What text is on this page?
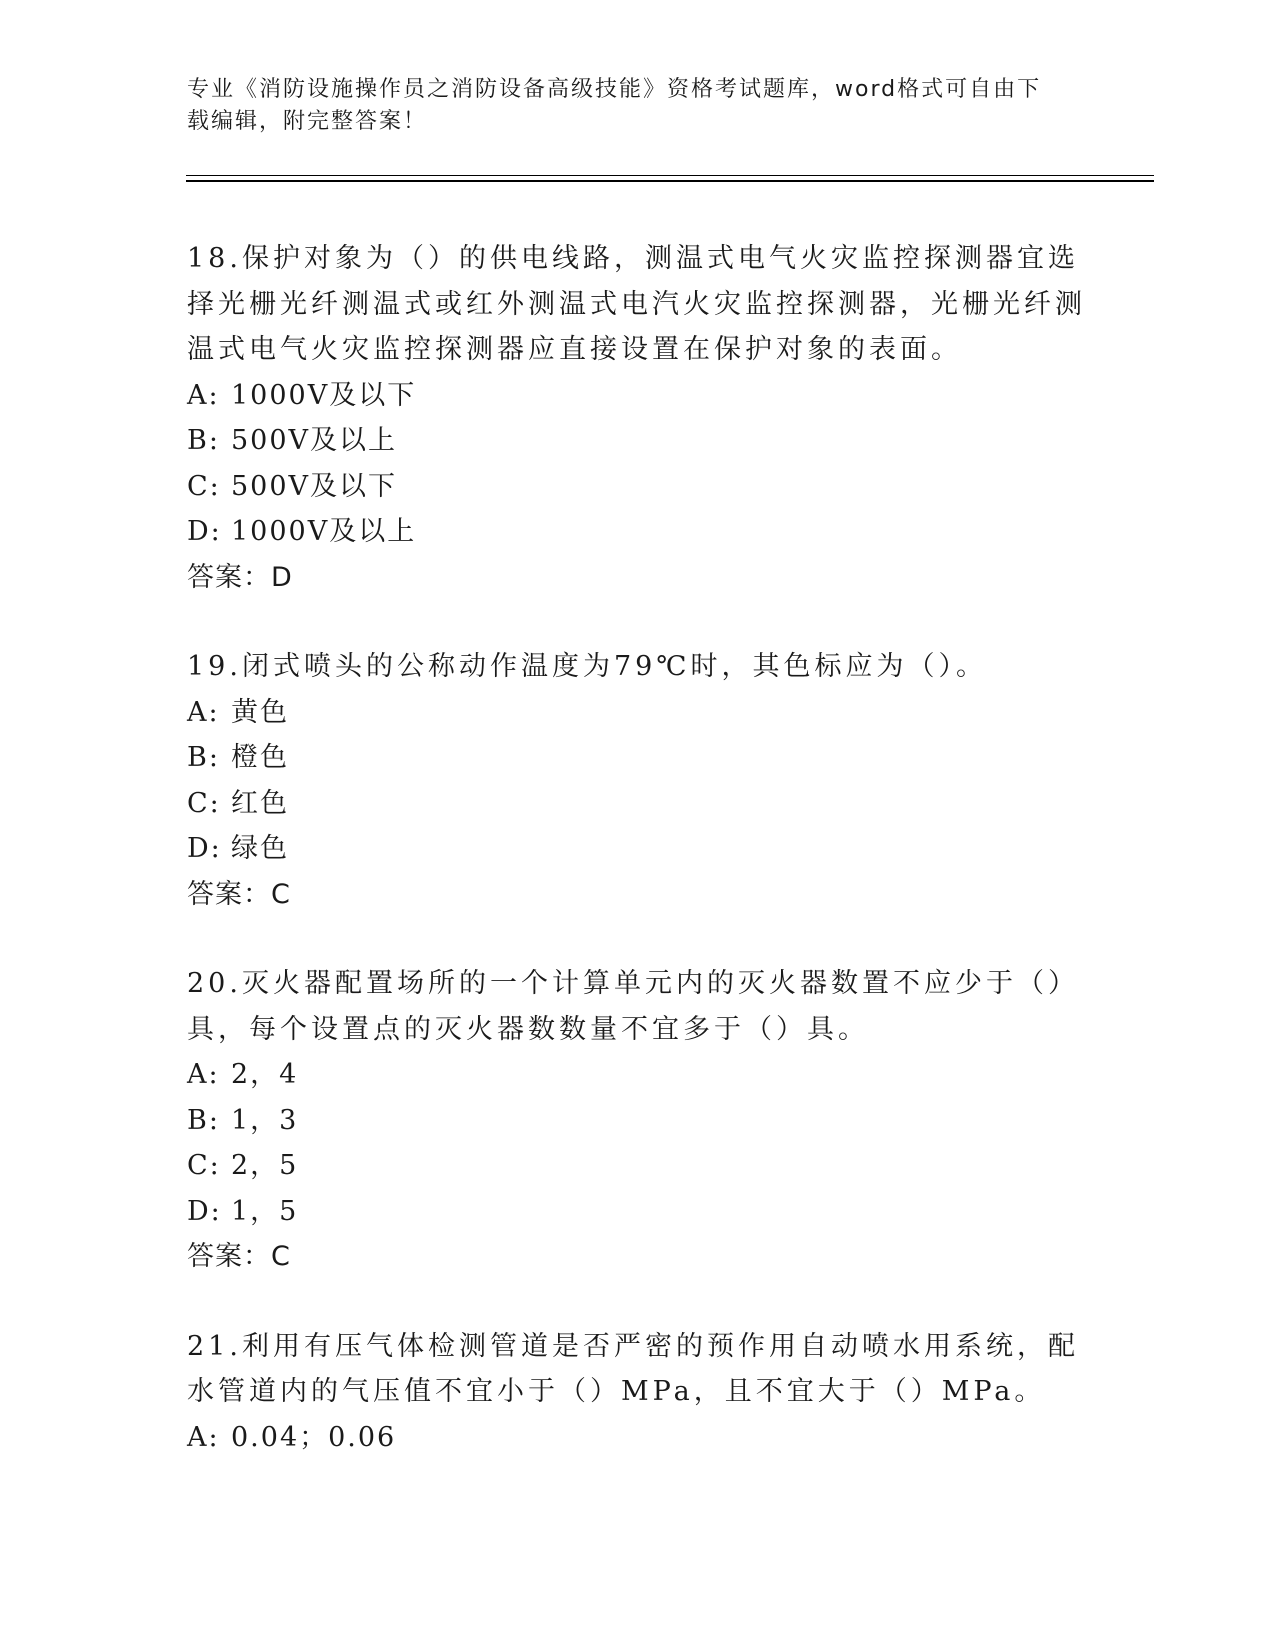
专业《消防设施操作员之消防设备高级技能》资格考试题库，word格式可自由下
载编辑，附完整答案！

18.保护对象为（）的供电线路，测温式电气火灾监控探测器宜选择光栅光纤测温式或红外测温式电汽火灾监控探测器，光栅光纤测温式电气火灾监控探测器应直接设置在保护对象的表面。

A: 1000V及以下

B: 500V及以上

C: 500V及以下

D: 1000V及以上

答案：D

19.闭式喷头的公称动作温度为79℃时，其色标应为（）。

A: 黄色

B: 橙色

C: 红色

D: 绿色

答案：C

20.灭火器配置场所的一个计算单元内的灭火器数置不应少于（）具，每个设置点的灭火器数数量不宜多于（）具。

A: 2，4

B: 1，3

C: 2，5

D: 1，5

答案：C

21.利用有压气体检测管道是否严密的预作用自动喷水用系统，配水管道内的气压值不宜小于（）MPa，且不宜大于（）MPa。

A: 0.04；0.06
